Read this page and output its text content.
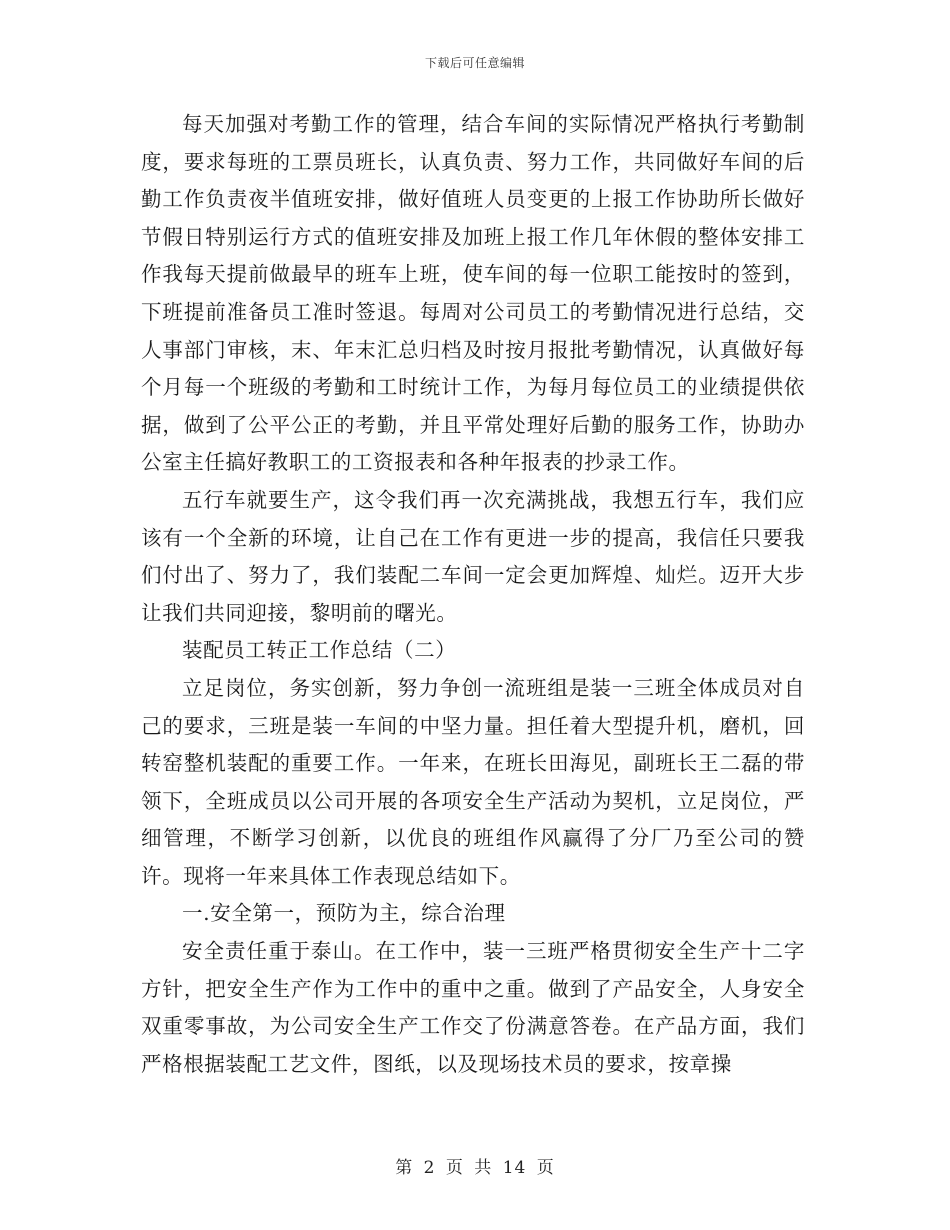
下载后可任意编辑

每天加强对考勤工作的管理，结合车间的实际情况严格执行考勤制度，要求每班的工票员班长，认真负责、努力工作，共同做好车间的后勤工作负责夜半值班安排，做好值班人员变更的上报工作协助所长做好节假日特别运行方式的值班安排及加班上报工作几年休假的整体安排工作我每天提前做最早的班车上班，使车间的每一位职工能按时的签到，下班提前准备员工准时签退。每周对公司员工的考勤情况进行总结，交人事部门审核，末、年末汇总归档及时按月报批考勤情况，认真做好每个月每一个班级的考勤和工时统计工作，为每月每位员工的业绩提供依据，做到了公平公正的考勤，并且平常处理好后勤的服务工作，协助办公室主任搞好教职工的工资报表和各种年报表的抄录工作。

五行车就要生产，这令我们再一次充满挑战，我想五行车，我们应该有一个全新的环境，让自己在工作有更进一步的提高，我信任只要我们付出了、努力了，我们装配二车间一定会更加辉煌、灿烂。迈开大步让我们共同迎接，黎明前的曙光。

装配员工转正工作总结（二）

立足岗位，务实创新，努力争创一流班组是装一三班全体成员对自己的要求，三班是装一车间的中坚力量。担任着大型提升机，磨机，回转窑整机装配的重要工作。一年来，在班长田海见，副班长王二磊的带领下，全班成员以公司开展的各项安全生产活动为契机，立足岗位，严细管理，不断学习创新，以优良的班组作风赢得了分厂乃至公司的赞许。现将一年来具体工作表现总结如下。

一.安全第一，预防为主，综合治理

安全责任重于泰山。在工作中，装一三班严格贯彻安全生产十二字方针，把安全生产作为工作中的重中之重。做到了产品安全，人身安全双重零事故，为公司安全生产工作交了份满意答卷。在产品方面，我们严格根据装配工艺文件，图纸，以及现场技术员的要求，按章操

第 2 页 共 14 页
